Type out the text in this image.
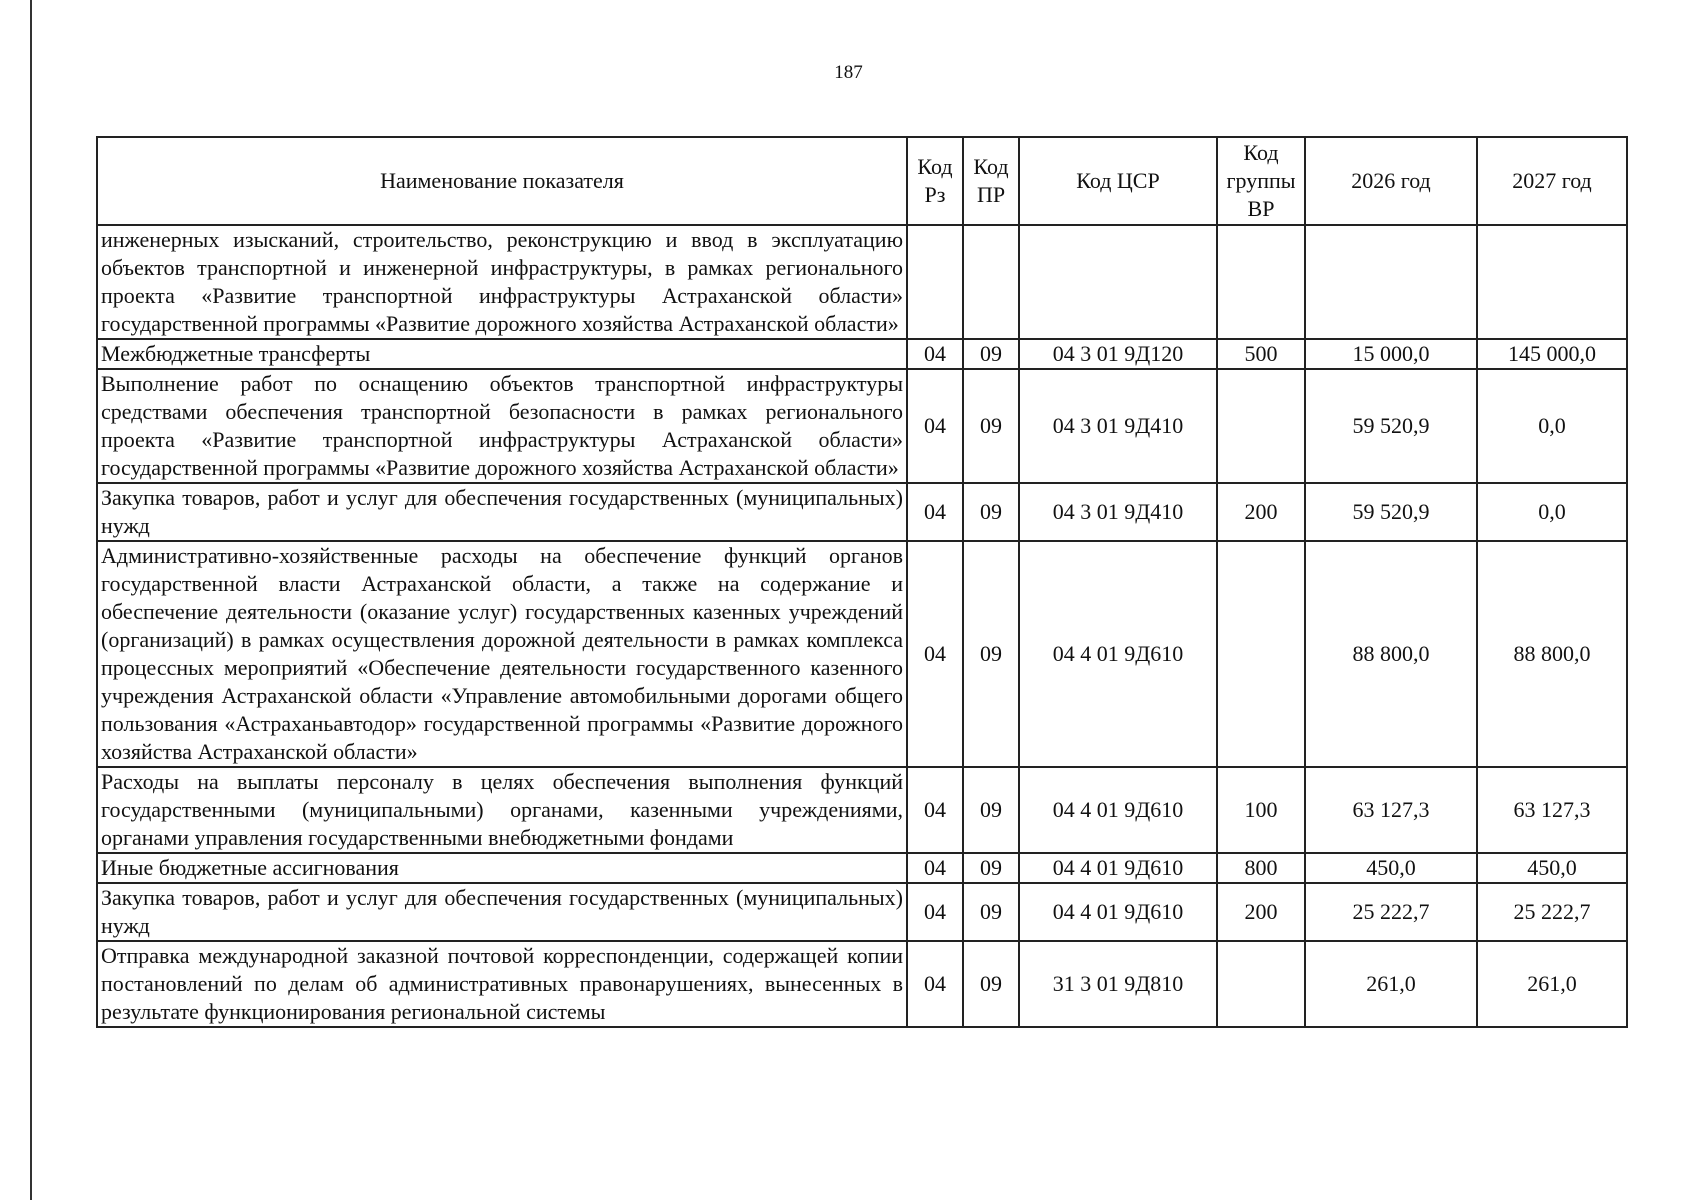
187
Наименование показателя	Код Рз	Код ПР	Код ЦСР	Код группы ВР	2026 год	2027 год
инженерных изысканий, строительство, реконструкцию и ввод в эксплуатацию объектов транспортной и инженерной инфраструктуры, в рамках регионального проекта «Развитие транспортной инфраструктуры Астраханской области» государственной программы «Развитие дорожного хозяйства Астраханской области»						
Межбюджетные трансферты	04	09	04 3 01 9Д120	500	15 000,0	145 000,0
Выполнение работ по оснащению объектов транспортной инфраструктуры средствами обеспечения транспортной безопасности в рамках регионального проекта «Развитие транспортной инфраструктуры Астраханской области» государственной программы «Развитие дорожного хозяйства Астраханской области»	04	09	04 3 01 9Д410		59 520,9	0,0
Закупка товаров, работ и услуг для обеспечения государственных (муниципальных) нужд	04	09	04 3 01 9Д410	200	59 520,9	0,0
Административно-хозяйственные расходы на обеспечение функций органов государственной власти Астраханской области, а также на содержание и обеспечение деятельности (оказание услуг) государственных казенных учреждений (организаций) в рамках осуществления дорожной деятельности в рамках комплекса процессных мероприятий «Обеспечение деятельности государственного казенного учреждения Астраханской области «Управление автомобильными дорогами общего пользования «Астраханьавтодор» государственной программы «Развитие дорожного хозяйства Астраханской области»	04	09	04 4 01 9Д610		88 800,0	88 800,0
Расходы на выплаты персоналу в целях обеспечения выполнения функций государственными (муниципальными) органами, казенными учреждениями, органами управления государственными внебюджетными фондами	04	09	04 4 01 9Д610	100	63 127,3	63 127,3
Иные бюджетные ассигнования	04	09	04 4 01 9Д610	800	450,0	450,0
Закупка товаров, работ и услуг для обеспечения государственных (муниципальных) нужд	04	09	04 4 01 9Д610	200	25 222,7	25 222,7
Отправка международной заказной почтовой корреспонденции, содержащей копии постановлений по делам об административных правонарушениях, вынесенных в результате функционирования региональной системы	04	09	31 3 01 9Д810		261,0	261,0
